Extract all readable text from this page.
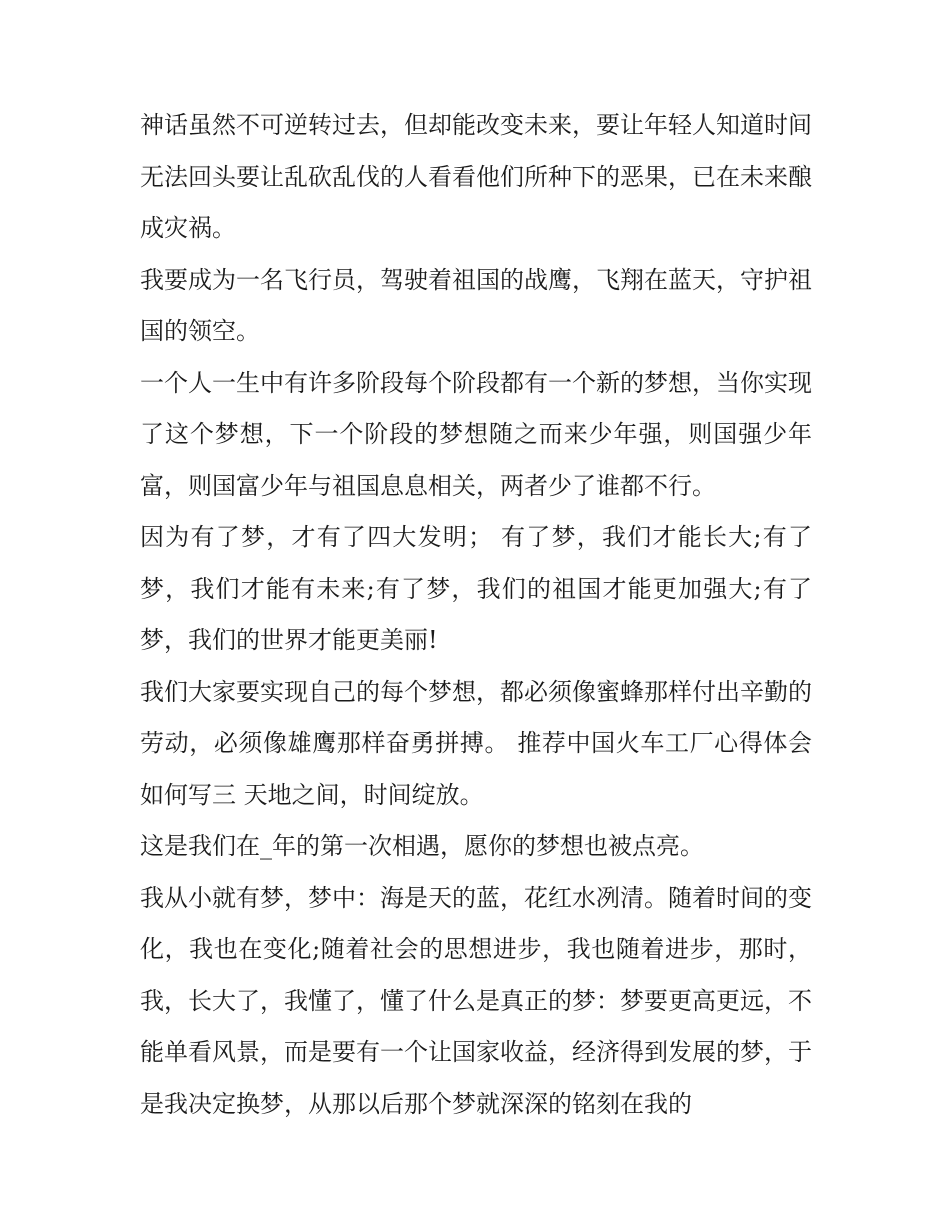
神话虽然不可逆转过去，但却能改变未来，要让年轻人知道时间无法回头要让乱砍乱伐的人看看他们所种下的恶果，已在未来酿成灾祸。

我要成为一名飞行员，驾驶着祖国的战鹰，飞翔在蓝天，守护祖国的领空。

一个人一生中有许多阶段每个阶段都有一个新的梦想，当你实现了这个梦想，下一个阶段的梦想随之而来少年强，则国强少年富，则国富少年与祖国息息相关，两者少了谁都不行。

因为有了梦，才有了四大发明； 有了梦，我们才能长大;有了梦，我们才能有未来;有了梦，我们的祖国才能更加强大;有了梦，我们的世界才能更美丽!

我们大家要实现自己的每个梦想，都必须像蜜蜂那样付出辛勤的劳动，必须像雄鹰那样奋勇拼搏。 推荐中国火车工厂心得体会如何写三 天地之间，时间绽放。

这是我们在_年的第一次相遇，愿你的梦想也被点亮。

我从小就有梦，梦中：海是天的蓝，花红水冽清。随着时间的变化，我也在变化;随着社会的思想进步，我也随着进步，那时，我，长大了，我懂了，懂了什么是真正的梦：梦要更高更远，不能单看风景，而是要有一个让国家收益，经济得到发展的梦，于是我决定换梦，从那以后那个梦就深深的铭刻在我的
